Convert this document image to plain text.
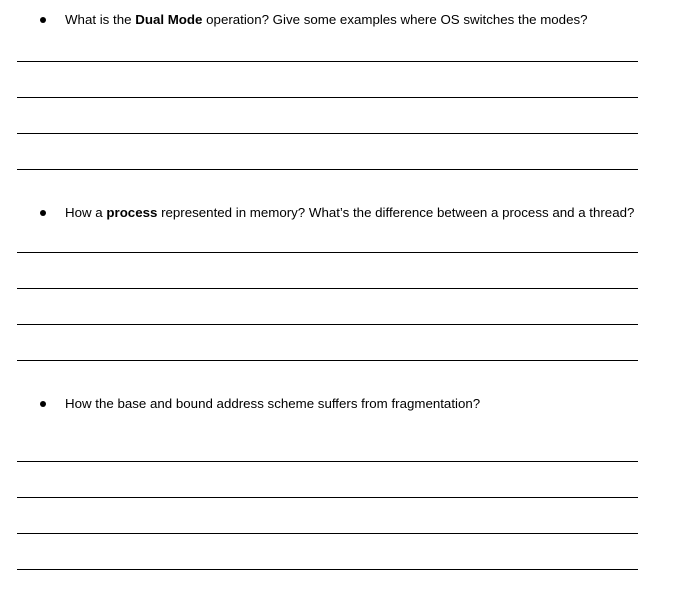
What is the Dual Mode operation? Give some examples where OS switches the modes?
How a process represented in memory? What’s the difference between a process and a thread?
How the base and bound address scheme suffers from fragmentation?
